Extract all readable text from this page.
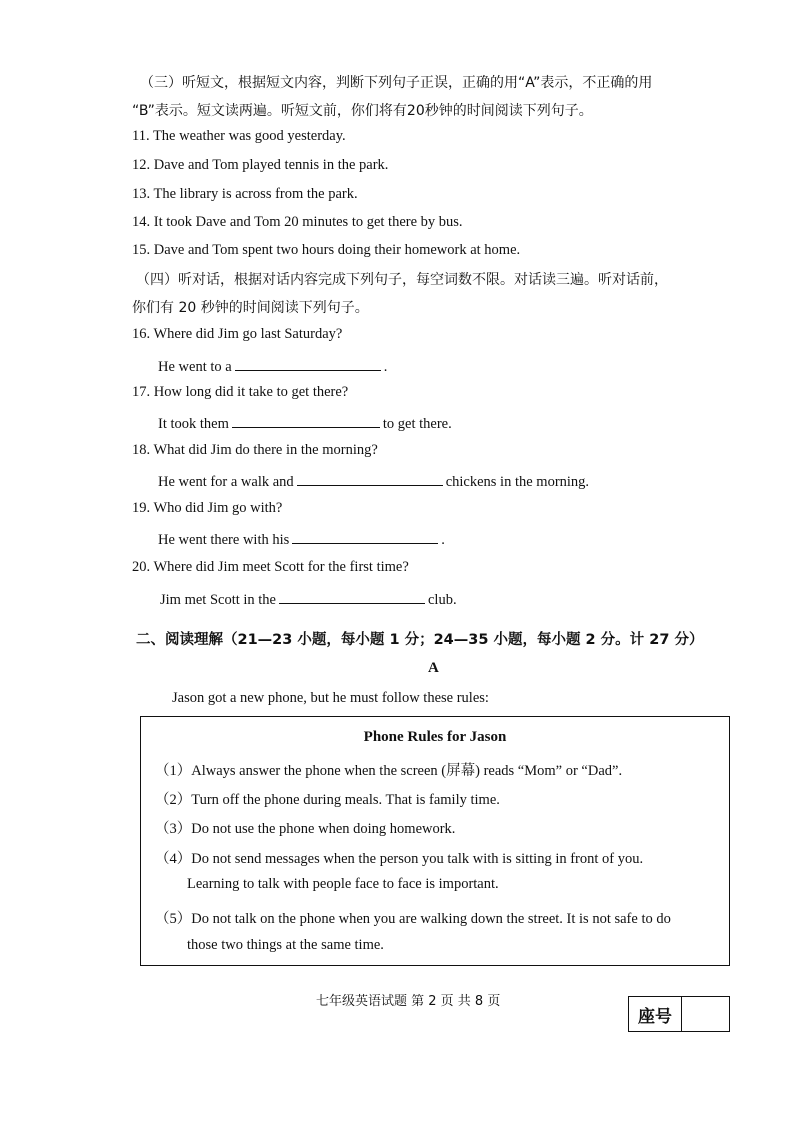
（三）听短文，根据短文内容，判断下列句子正误，正确的用“A”表示，不正确的用
“B”表示。短文读两遍。听短文前，你们将有20秒钟的时间阅读下列句子。
11. The weather was good yesterday.
12. Dave and Tom played tennis in the park.
13. The library is across from the park.
14. It took Dave and Tom 20 minutes to get there by bus.
15. Dave and Tom spent two hours doing their homework at home.
（四）听对话，根据对话内容完成下列句子，每空词数不限。对话读三遍。听对话前，
你们有 20 秒钟的时间阅读下列句子。
16. Where did Jim go last Saturday?
He went to a	.
17. How long did it take to get there?
It took them	to get there.
18. What did Jim do there in the morning?
He went for a walk and	chickens in the morning.
19. Who did Jim go with?
He went there with his	.
20. Where did Jim meet Scott for the first time?
Jim met Scott in the	club.
二、阅读理解（21—23 小题，每小题 1 分；24—35 小题，每小题 2 分。计 27 分）
A
Jason got a new phone, but he must follow these rules:
Phone Rules for Jason
（1）Always answer the phone when the screen (屏幕) reads “Mom” or “Dad”.
（2）Turn off the phone during meals. That is family time.
（3）Do not use the phone when doing homework.
（4）Do not send messages when the person you talk with is sitting in front of you.
Learning to talk with people face to face is important.
（5）Do not talk on the phone when you are walking down the street. It is not safe to do
those two things at the same time.
七年级英语试题 第 2 页 共 8 页
座号
